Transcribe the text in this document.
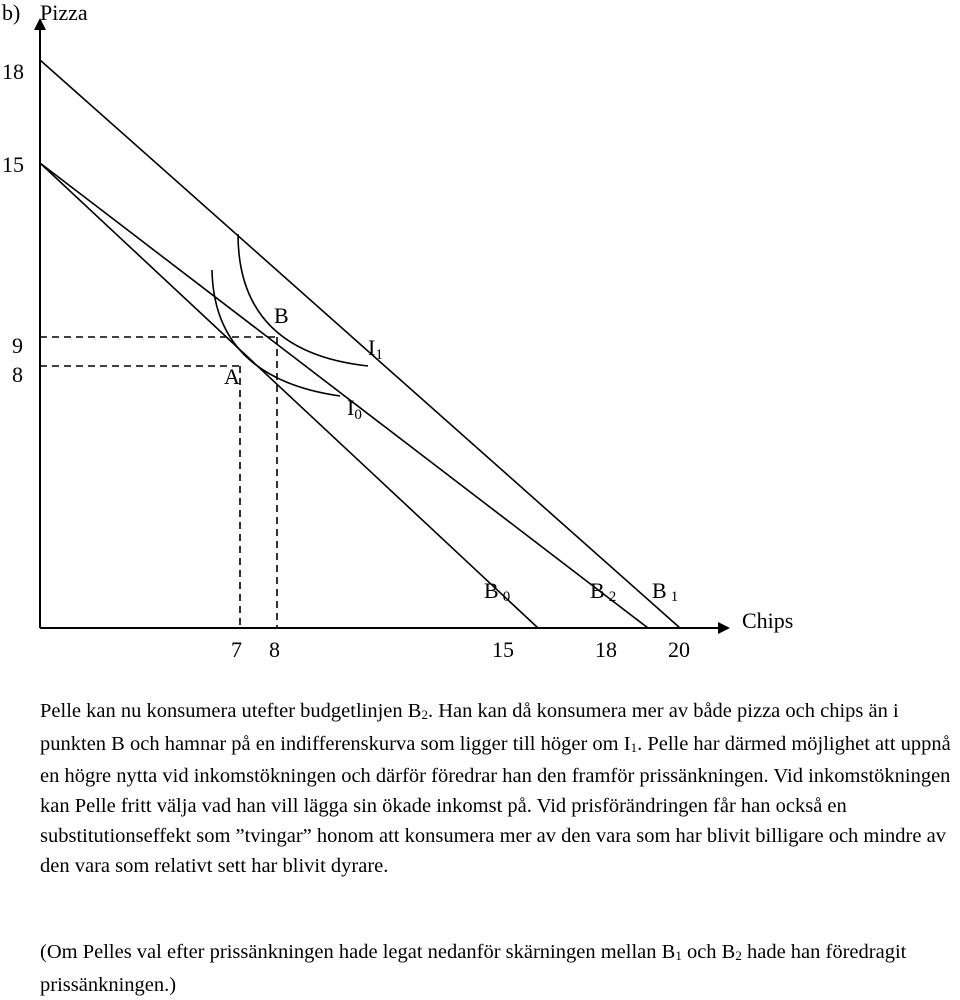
b) Pizza
Chips
18
15
9
8
7 8	15	18 20
A
B
I1
I0
B 0	B 2 B 1
Pelle kan nu konsumera utefter budgetlinjen $B_2$. Han kan då konsumera mer av både pizza och chips än i punkten B och hamnar på en indifferenskurva som ligger till höger om $I_1$. Pelle har därmed möjlighet att uppnå en högre nytta vid inkomstökningen och därför föredrar han den framför prissänkningen. Vid inkomstökningen kan Pelle fritt välja vad han vill lägga sin ökade inkomst på. Vid prisförändringen får han också en substitutionseffekt som ”tvingar” honom att konsumera mer av den vara som har blivit billigare och mindre av den vara som relativt sett har blivit dyrare.
(Om Pelles val efter prissänkningen hade legat nedanför skärningen mellan $B_1$ och $B_2$ hade han föredragit prissänkningen.)
